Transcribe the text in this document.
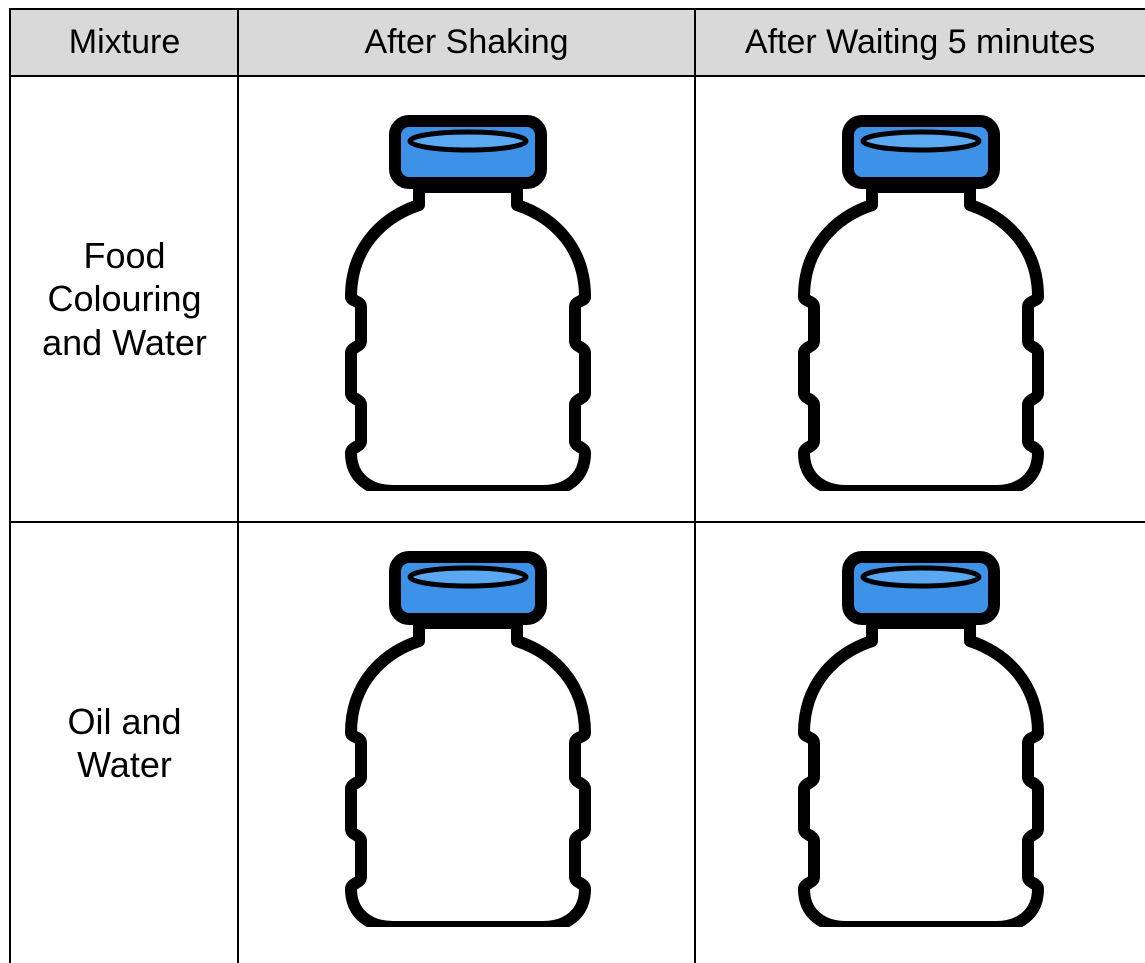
Mixture	After Shaking	After Waiting 5 minutes
Food Colouring and Water
Oil and Water
